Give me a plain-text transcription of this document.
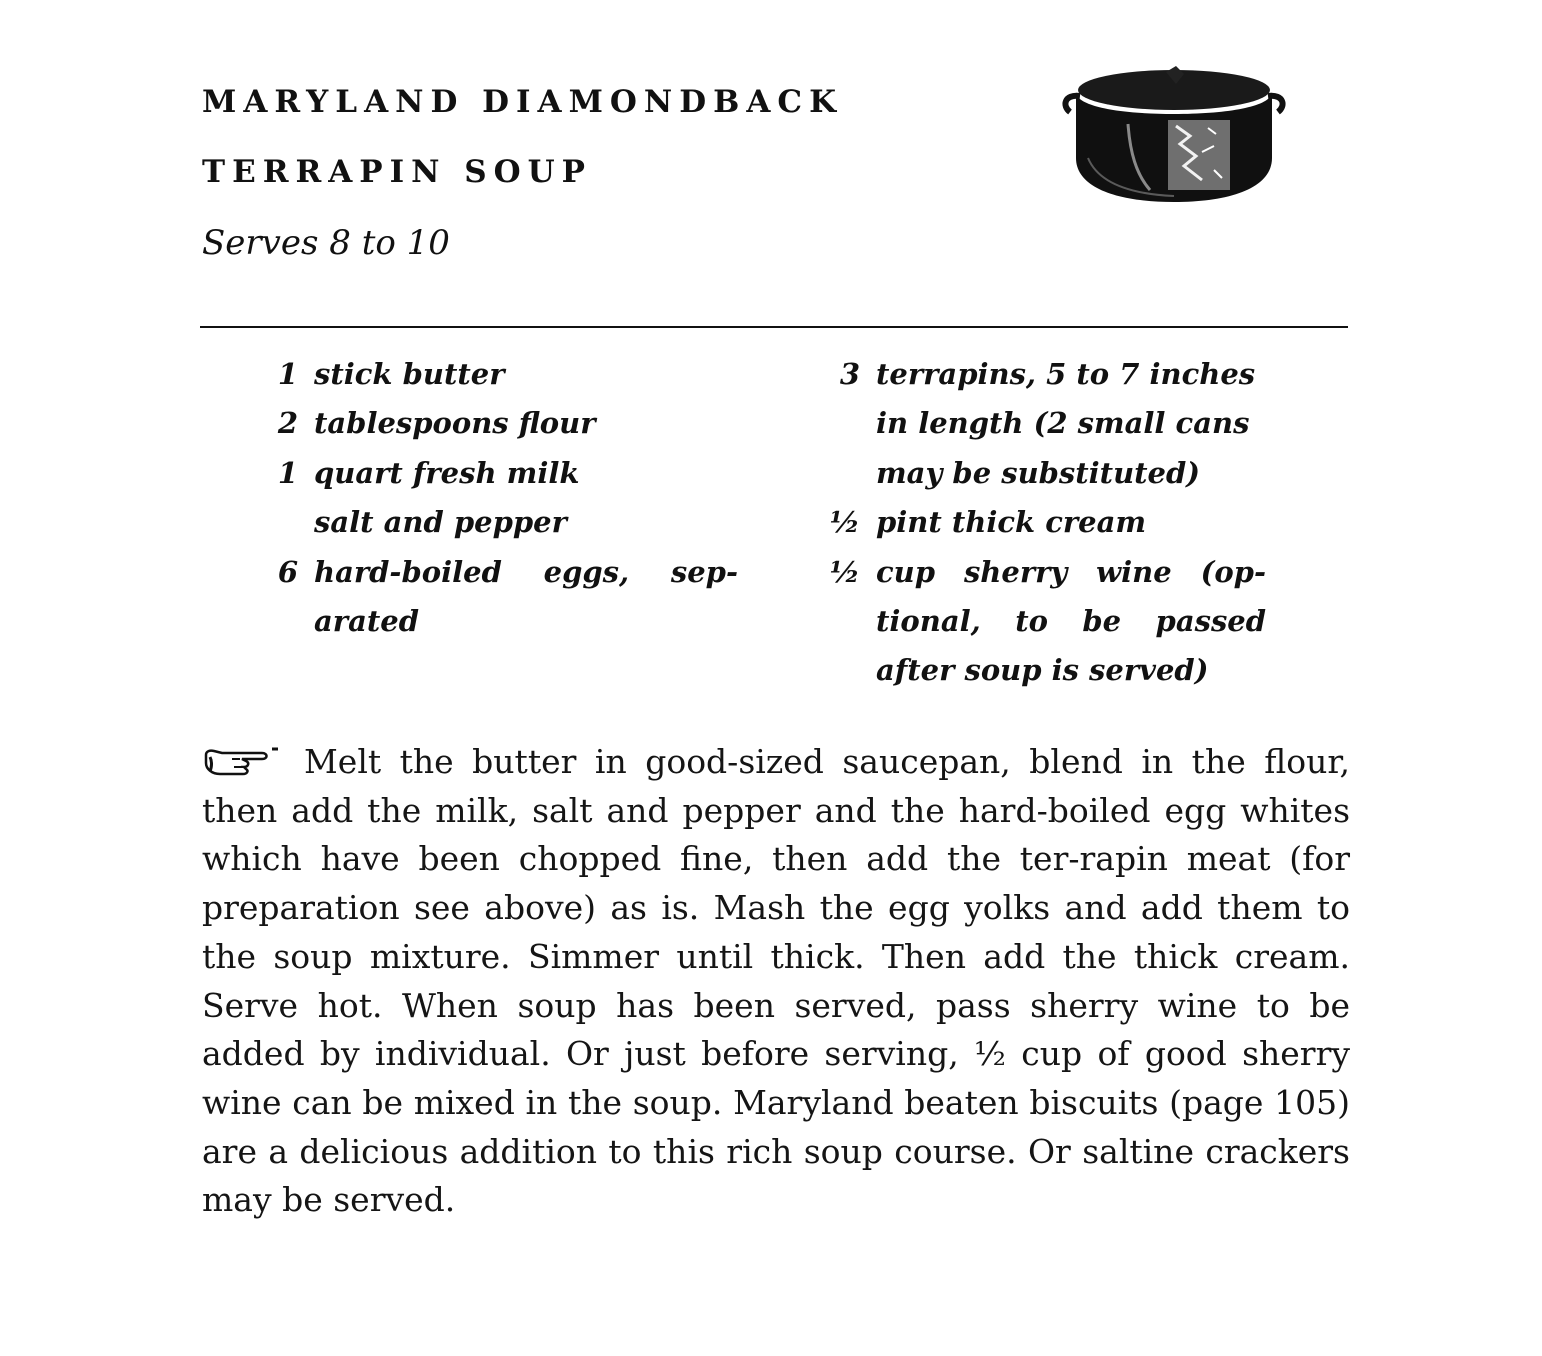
MARYLAND DIAMONDBACK
TERRAPIN SOUP
Serves 8 to 10
1 stick butter
2 tablespoons flour
1 quart fresh milk
salt and pepper
6 hard-boiled eggs, sep-arated
3 terrapins, 5 to 7 inches in length (2 small cans may be substituted)
½ pint thick cream
½ cup sherry wine (op-tional, to be passed after soup is served)
Melt the butter in good-sized saucepan, blend in the flour, then add the milk, salt and pepper and the hard-boiled egg whites which have been chopped fine, then add the ter-rapin meat (for preparation see above) as is. Mash the egg yolks and add them to the soup mixture. Simmer until thick. Then add the thick cream. Serve hot. When soup has been served, pass sherry wine to be added by individual. Or just before serving, ½ cup of good sherry wine can be mixed in the soup. Maryland beaten biscuits (page 105) are a delicious addition to this rich soup course. Or saltine crackers may be served.
